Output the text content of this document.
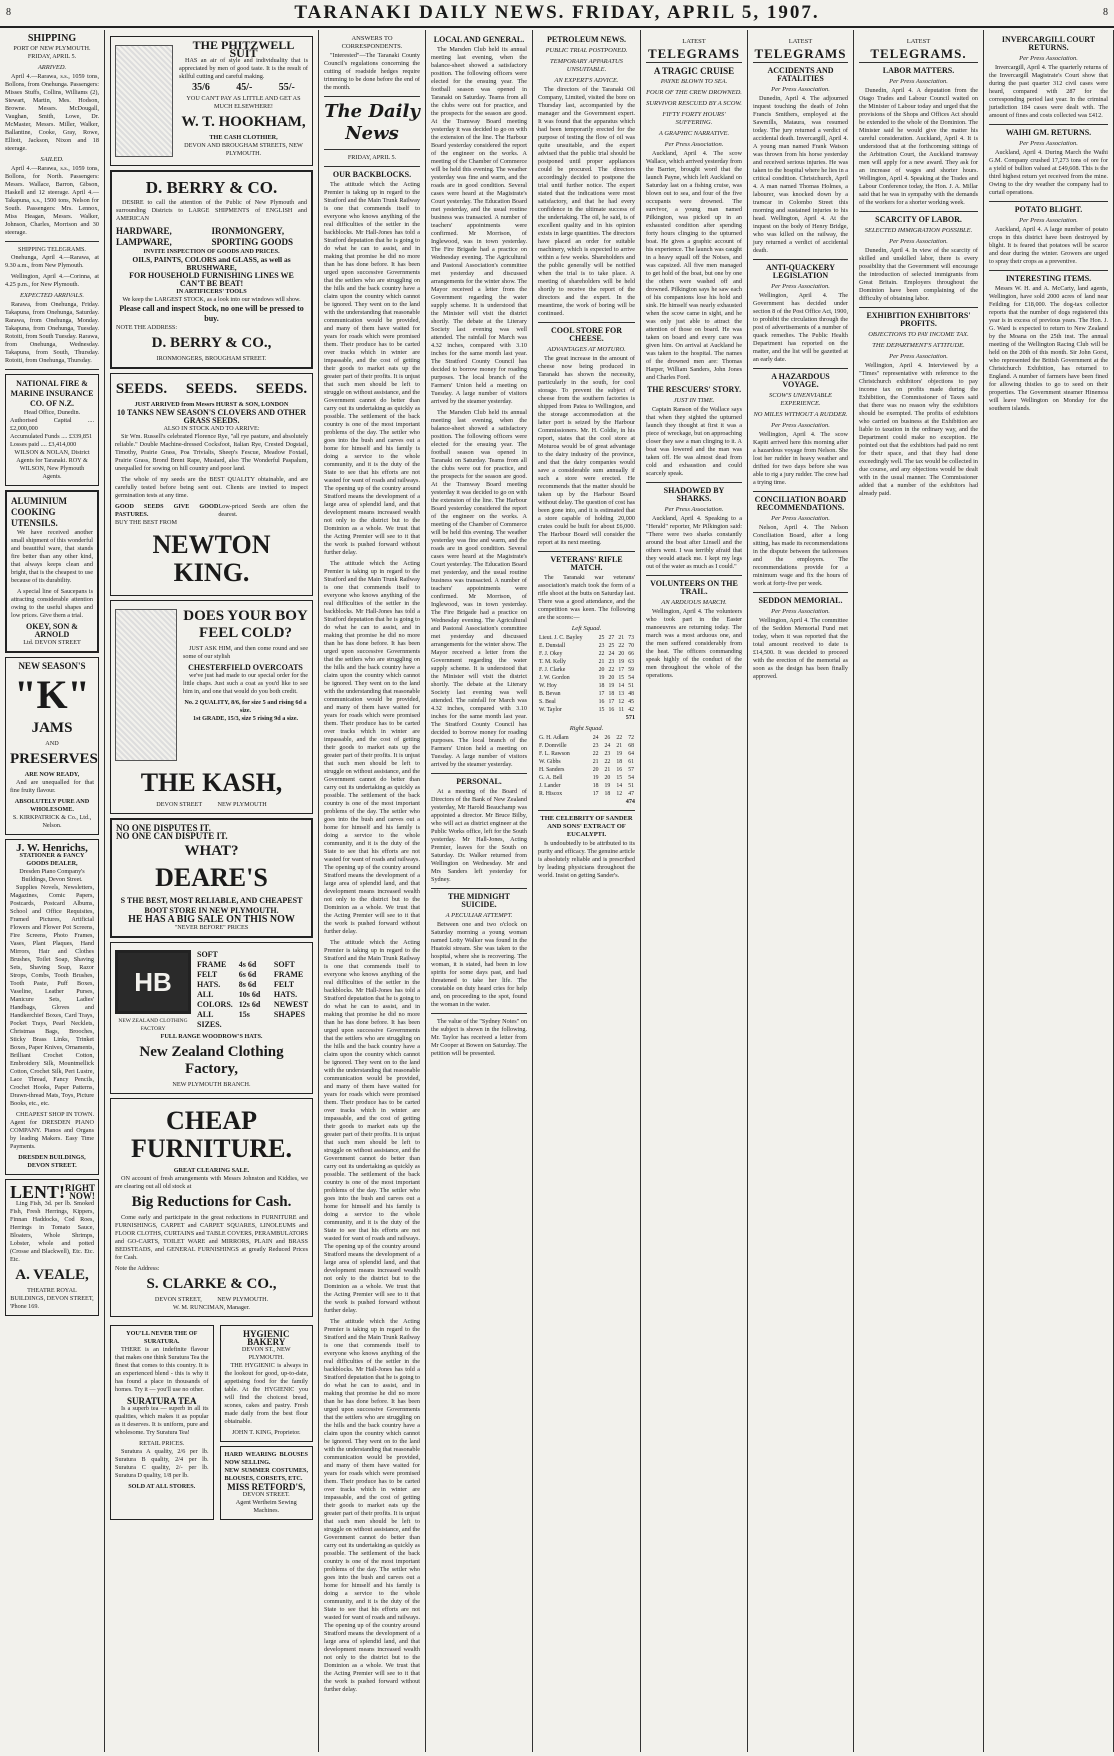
8	TARANAKI DAILY NEWS. FRIDAY, APRIL 5, 1907.	8
SHIPPING
PORT OF NEW PLYMOUTH.
FRIDAY, APRIL 5.
ARRIVED.

April 4.—Rarawa, s.s., 1059 tons, Bollons, from Onehunga. Passengers: Misses Stuffs, Collins, Williams (2), Stewart, Martin, Mes. Hodson, Browne. Messrs. McDougall, Vaughan, Smith, Lowe, Dr. McMaster, Messrs. Miller, Walker, Ballantine, Cooke, Gray, Rowe, Elliott, Jackson, Nixon and 18 steerage.

SAILED.

April 4.—Rarawa, s.s., 1059 tons, Bollons, for North. Passengers: Messrs. Wallace, Barron, Gibson, Haskell and 12 steerage. April 4.—Takapuna, s.s., 1500 tons, Nelson for South. Passengers: Mrs. Lennox, Miss Heagan, Messrs. Walker, Johnson, Charles, Morrison and 30 steerage.

SHIPPING TELEGRAMS.

Onehunga, April 4.—Rarawa, at 9.30 a.m., from New Plymouth.

Wellington, April 4.—Corinna, at 4.25 p.m., for New Plymouth.

EXPECTED ARRIVALS.

Rarawa, from Onehunga, Friday. Takapuna, from Onehunga, Saturday. Rarawa, from Onehunga, Monday. Takapuna, from Onehunga, Tuesday. Rotoiti, from South Tuesday. Rarawa, from Onehunga, Wednesday. Takapuna, from South, Thursday. Rotoiti, from Onehunga, Thursday.

NATIONAL FIRE & MARINE INSURANCE CO. OF N.Z.
Head Office, Dunedin.
Authorised Capital .... £2,000,000
Accumulated Funds .... £339,851
Losses paid .... £3,414,000
WILSON & NOLAN, District Agents for Taranaki. ROY & WILSON, New Plymouth Agents.
ALUMINIUM COOKING UTENSILS.

We have received another small shipment of this wonderful and beautiful ware, that stands fire better than any other kind, that always keeps clean and bright, that is the cheapest to use because of its durability.

A special line of Saucepans is attracting considerable attention owing to the useful shapes and low prices. Give them a trial.

OKEY, SON & ARNOLD
Ltd. DEVON STREET
NEW SEASON'S
"K"
JAMS
AND
PRESERVES
ARE NOW READY,

And are unequalled for that fine fruity flavour.

ABSOLUTELY PURE AND WHOLESOME.
S. KIRKPATRICK & Co., Ltd., Nelson.
J. W. Henrichs,
STATIONER & FANCY GOODS DEALER,
Dresden Piano Company's Buildings, Devon Street.

Supplies Novels, Newsletters, Magazines, Comic Papers, Postcards, Postcard Albums, School and Office Requisites, Framed Pictures, Artificial Flowers and Flower Pot Screens, Fire Screens, Photo Frames, Vases, Plant Plaques, Hand Mirrors, Hair and Clothes Brushes, Toilet Soap, Shaving Sets, Shaving Soap, Razor Strops, Combs, Tooth Brushes, Tooth Paste, Puff Boxes, Vaseline, Leather Purses, Manicure Sets, Ladies' Handbags, Gloves and Handkerchief Boxes, Card Trays, Pocket Trays, Pearl Necklets, Christmas Bags, Brooches, Sticky Brass Links, Trinket Boxes, Paper Knives, Ornaments, Brilliant Crochet Cotton, Embroidery Silk, Mountmellick Cotton, Crochet Silk, Peri Lustre, Lace Thread, Fancy Pencils, Crochet Hooks, Paper Patterns, Drawn-thread Mats, Toys, Picture Books, etc., etc.

CHEAPEST SHOP IN TOWN. Agent for DRESDEN PIANO COMPANY. Pianos and Organs by leading Makers. Easy Time Payments.

DRESDEN BUILDINGS, DEVON STREET.
LENT! RIGHT NOW!

Ling Fish, 3d. per lb. Smoked Fish, Fresh Herrings, Kippers, Finnan Haddocks, Cod Roes, Herrings in Tomato Sauce, Bloaters, Whole Shrimps, Lobster, whole and potted (Crosse and Blackwell), Etc. Etc. Etc.

A. VEALE,
THEATRE ROYAL BUILDINGS, DEVON STREET,
'Phone 169.
THE PHITZWELL SUIT

HAS an air of style and individuality that is appreciated by men of good taste. It is the result of skilful cutting and careful making.

35/6	45/-	55/-
YOU CAN'T PAY AS LITTLE AND GET AS MUCH ELSEWHERE!
W. T. HOOKHAM,
THE CASH CLOTHIER,
DEVON AND BROUGHAM STREETS, NEW PLYMOUTH.
D. BERRY & CO.

DESIRE to call the attention of the Public of New Plymouth and surrounding Districts to LARGE SHIPMENTS of ENGLISH and AMERICAN

HARDWARE,	IRONMONGERY,
LAMPWARE,	SPORTING GOODS
INVITE INSPECTION OF GOODS AND PRICES.
OILS, PAINTS, COLORS and GLASS, as well as BRUSHWARE,
FOR HOUSEHOLD FURNISHING LINES WE CAN'T BE BEAT!
IN ARTIFICERS' TOOLS
We keep the LARGEST STOCK, as a look into our windows will show.
Please call and inspect Stock, no one will be pressed to buy.
NOTE THE ADDRESS:
D. BERRY & CO.,
IRONMONGERS, BROUGHAM STREET.
SEEDS.     SEEDS.     SEEDS.
JUST ARRIVED from Messrs HURST & SON, LONDON
10 TANKS NEW SEASON'S CLOVERS AND OTHER GRASS SEEDS.
ALSO IN STOCK AND TO ARRIVE:

Sir Wm. Russell's celebrated Florence Rye, "all rye pasture, and absolutely reliable." Double Machine-dressed Cocksfoot, Italian Rye, Crested Dogstail, Timothy, Prairie Grass, Poa Trivialis, Sheep's Fescue, Meadow Foxtail, Prairie Grass, Brond Brent Rape, Mustard, also The Wonderful Paspalum, unequalled for sowing on hill country and poor land.

The whole of my seeds are the BEST QUALITY obtainable, and are carefully tested before being sent out. Clients are invited to inspect germination tests at any time.

GOOD SEEDS GIVE GOOD PASTURES.
Low-priced Seeds are often the dearest.
BUY THE BEST FROM
NEWTON KING.
DOES YOUR BOY FEEL COLD?

JUST ASK HIM, and then come round and see some of our stylish

CHESTERFIELD OVERCOATS

we've just had made to our special order for the little chaps. Just such a coat as you'd like to see him in, and one that would do you both credit.

No. 2 QUALITY, 8/6, for size 5 and rising 6d a size.
1st GRADE, 15/3, size 5 rising 9d a size.
THE KASH,
DEVON STREET          NEW PLYMOUTH
NO ONE DISPUTES IT.
NO ONE CAN DISPUTE IT.
WHAT?
DEARE'S
S THE BEST, MOST RELIABLE, AND CHEAPEST BOOT STORE IN NEW PLYMOUTH.
HE HAS A BIG SALE ON THIS NOW
"NEVER BEFORE" PRICES
HB
NEW ZEALAND CLOTHING FACTORY
SOFT FRAME FELT HATS. ALL COLORS. ALL SIZES.
4s 6d
6s 6d
8s 6d
10s 6d
12s 6d
15s
SOFT FRAME FELT HATS. NEWEST SHAPES
FULL RANGE WOODROW'S HATS.
New Zealand Clothing Factory,
NEW PLYMOUTH BRANCH.
CHEAP FURNITURE.
GREAT CLEARING SALE.

ON account of fresh arrangements with Messrs Johnston and Kiddies, we are clearing out all old stock at

Big Reductions for Cash.

Come early and participate in the great reductions in FURNITURE and FURNISHINGS, CARPET and CARPET SQUARES, LINOLEUMS and FLOOR CLOTHS, CURTAINS and TABLE COVERS, PERAMBULATORS and GO-CARTS, TOILET WARE and MIRRORS, PLAIN and BRASS BEDSTEADS, and GENERAL FURNISHINGS at greatly Reduced Prices for Cash.

Note the Address:
S. CLARKE & CO.,
DEVON STREET,          NEW PLYMOUTH.
W. M. RUNCIMAN, Manager.
YOU'LL NEVER THE OF SURATURA.

THERE is an indefinite flavour that makes one think Suratura Tea the finest that comes to this country. It is an experienced blend - this is why it has found a place in thousands of homes. Try it — you'll use no other.

SURATURA TEA

Is a superb tea — superb in all its qualities, which makes it as popular as it deserves. It is uniform, pure and wholesome. Try Suratura Tea!

RETAIL PRICES.

Suratura A quality, 2/6 per lb. Suratura B quality, 2/4 per lb. Suratura C quality, 2/- per lb. Suratura D quality, 1/8 per lb.

SOLD AT ALL STORES.
HYGIENIC BAKERY
DEVON ST., NEW PLYMOUTH.

THE HYGIENIC is always in the lookout for good, up-to-date, appetising food for the family table. At the HYGIENIC you will find the choicest bread, scones, cakes and pastry. Fresh made daily from the best flour obtainable.

JOHN T. KING, Proprietor.
HARD WEARING BLOUSES NOW SELLING.
NEW SUMMER COSTUMES, BLOUSES, CORSETS, ETC.
MISS RETFORD'S,
DEVON STREET.
Agent Wertheim Sewing Machines.
ANSWERS TO CORRESPONDENTS.

"Interested"—The Taranaki County Council's regulations concerning the cutting of roadside hedges require trimming to be done before the end of the month.

The Daily News
FRIDAY, APRIL 5.
OUR BACKBLOCKS.

The attitude which the Acting Premier is taking up in regard to the Stratford and the Main Trunk Railway is one that commends itself to everyone who knows anything of the real difficulties of the settler in the backblocks. Mr Hall-Jones has told a Stratford deputation that he is going to do what he can to assist, and in making that promise he did no more than he has done before. It has been urged upon successive Governments that the settlers who are struggling on the hills and the back country have a claim upon the country which cannot be ignored. They went on to the land with the understanding that reasonable communication would be provided, and many of them have waited for years for roads which were promised them. Their produce has to be carted over tracks which in winter are impassable, and the cost of getting their goods to market eats up the greater part of their profits. It is unjust that such men should be left to struggle on without assistance, and the Government cannot do better than carry out its undertaking as quickly as possible. The settlement of the back country is one of the most important problems of the day. The settler who goes into the bush and carves out a home for himself and his family is doing a service to the whole community, and it is the duty of the State to see that his efforts are not wasted for want of roads and railways. The opening up of the country around Stratford means the development of a large area of splendid land, and that development means increased wealth not only to the district but to the Dominion as a whole. We trust that the Acting Premier will see to it that the work is pushed forward without further delay.

The attitude which the Acting Premier is taking up in regard to the Stratford and the Main Trunk Railway is one that commends itself to everyone who knows anything of the real difficulties of the settler in the backblocks. Mr Hall-Jones has told a Stratford deputation that he is going to do what he can to assist, and in making that promise he did no more than he has done before. It has been urged upon successive Governments that the settlers who are struggling on the hills and the back country have a claim upon the country which cannot be ignored. They went on to the land with the understanding that reasonable communication would be provided, and many of them have waited for years for roads which were promised them. Their produce has to be carted over tracks which in winter are impassable, and the cost of getting their goods to market eats up the greater part of their profits. It is unjust that such men should be left to struggle on without assistance, and the Government cannot do better than carry out its undertaking as quickly as possible. The settlement of the back country is one of the most important problems of the day. The settler who goes into the bush and carves out a home for himself and his family is doing a service to the whole community, and it is the duty of the State to see that his efforts are not wasted for want of roads and railways. The opening up of the country around Stratford means the development of a large area of splendid land, and that development means increased wealth not only to the district but to the Dominion as a whole. We trust that the Acting Premier will see to it that the work is pushed forward without further delay.

The attitude which the Acting Premier is taking up in regard to the Stratford and the Main Trunk Railway is one that commends itself to everyone who knows anything of the real difficulties of the settler in the backblocks. Mr Hall-Jones has told a Stratford deputation that he is going to do what he can to assist, and in making that promise he did no more than he has done before. It has been urged upon successive Governments that the settlers who are struggling on the hills and the back country have a claim upon the country which cannot be ignored. They went on to the land with the understanding that reasonable communication would be provided, and many of them have waited for years for roads which were promised them. Their produce has to be carted over tracks which in winter are impassable, and the cost of getting their goods to market eats up the greater part of their profits. It is unjust that such men should be left to struggle on without assistance, and the Government cannot do better than carry out its undertaking as quickly as possible. The settlement of the back country is one of the most important problems of the day. The settler who goes into the bush and carves out a home for himself and his family is doing a service to the whole community, and it is the duty of the State to see that his efforts are not wasted for want of roads and railways. The opening up of the country around Stratford means the development of a large area of splendid land, and that development means increased wealth not only to the district but to the Dominion as a whole. We trust that the Acting Premier will see to it that the work is pushed forward without further delay.

The attitude which the Acting Premier is taking up in regard to the Stratford and the Main Trunk Railway is one that commends itself to everyone who knows anything of the real difficulties of the settler in the backblocks. Mr Hall-Jones has told a Stratford deputation that he is going to do what he can to assist, and in making that promise he did no more than he has done before. It has been urged upon successive Governments that the settlers who are struggling on the hills and the back country have a claim upon the country which cannot be ignored. They went on to the land with the understanding that reasonable communication would be provided, and many of them have waited for years for roads which were promised them. Their produce has to be carted over tracks which in winter are impassable, and the cost of getting their goods to market eats up the greater part of their profits. It is unjust that such men should be left to struggle on without assistance, and the Government cannot do better than carry out its undertaking as quickly as possible. The settlement of the back country is one of the most important problems of the day. The settler who goes into the bush and carves out a home for himself and his family is doing a service to the whole community, and it is the duty of the State to see that his efforts are not wasted for want of roads and railways. The opening up of the country around Stratford means the development of a large area of splendid land, and that development means increased wealth not only to the district but to the Dominion as a whole. We trust that the Acting Premier will see to it that the work is pushed forward without further delay.

LOCAL AND GENERAL.

The Marsden Club held its annual meeting last evening, when the balance-sheet showed a satisfactory position. The following officers were elected for the ensuing year. The football season was opened in Taranaki on Saturday. Teams from all the clubs were out for practice, and the prospects for the season are good. At the Tramway Board meeting yesterday it was decided to go on with the extension of the line. The Harbour Board yesterday considered the report of the engineer on the works. A meeting of the Chamber of Commerce will be held this evening. The weather yesterday was fine and warm, and the roads are in good condition. Several cases were heard at the Magistrate's Court yesterday. The Education Board met yesterday, and the usual routine business was transacted. A number of teachers' appointments were confirmed. Mr Morrison, of Inglewood, was in town yesterday. The Fire Brigade had a practice on Wednesday evening. The Agricultural and Pastoral Association's committee met yesterday and discussed arrangements for the winter show. The Mayor received a letter from the Government regarding the water supply scheme. It is understood that the Minister will visit the district shortly. The debate at the Literary Society last evening was well attended. The rainfall for March was 4.32 inches, compared with 3.10 inches for the same month last year. The Stratford County Council has decided to borrow money for roading purposes. The local branch of the Farmers' Union held a meeting on Tuesday. A large number of visitors arrived by the steamer yesterday.

The Marsden Club held its annual meeting last evening, when the balance-sheet showed a satisfactory position. The following officers were elected for the ensuing year. The football season was opened in Taranaki on Saturday. Teams from all the clubs were out for practice, and the prospects for the season are good. At the Tramway Board meeting yesterday it was decided to go on with the extension of the line. The Harbour Board yesterday considered the report of the engineer on the works. A meeting of the Chamber of Commerce will be held this evening. The weather yesterday was fine and warm, and the roads are in good condition. Several cases were heard at the Magistrate's Court yesterday. The Education Board met yesterday, and the usual routine business was transacted. A number of teachers' appointments were confirmed. Mr Morrison, of Inglewood, was in town yesterday. The Fire Brigade had a practice on Wednesday evening. The Agricultural and Pastoral Association's committee met yesterday and discussed arrangements for the winter show. The Mayor received a letter from the Government regarding the water supply scheme. It is understood that the Minister will visit the district shortly. The debate at the Literary Society last evening was well attended. The rainfall for March was 4.32 inches, compared with 3.10 inches for the same month last year. The Stratford County Council has decided to borrow money for roading purposes. The local branch of the Farmers' Union held a meeting on Tuesday. A large number of visitors arrived by the steamer yesterday.

PERSONAL.

At a meeting of the Board of Directors of the Bank of New Zealand yesterday, Mr Harold Beauchamp was appointed a director. Mr Bruce Bilby, who will act as district engineer at the Public Works office, left for the South yesterday. Mr Hall-Jones, Acting Premier, leaves for the South on Saturday. Dr. Walker returned from Wellington on Wednesday. Mr and Mrs Sanders left yesterday for Sydney.

THE MIDNIGHT SUICIDE.
A PECULIAR ATTEMPT.

Between one and two o'clock on Saturday morning a young woman named Lotty Walker was found in the Huatoki stream. She was taken to the hospital, where she is recovering. The woman, it is stated, had been in low spirits for some days past, and had threatened to take her life. The constable on duty heard cries for help and, on proceeding to the spot, found the woman in the water.

The value of the "Sydney Notes" on the subject is shown in the following. Mr. Taylor has received a letter from Mr Cooper at Bowen on Saturday. The petition will be presented.

PETROLEUM NEWS.
PUBLIC TRIAL POSTPONED.
TEMPORARY APPARATUS UNSUITABLE.
AN EXPERT'S ADVICE.

The directors of the Taranaki Oil Company, Limited, visited the bore on Thursday last, accompanied by the manager and the Government expert. It was found that the apparatus which had been temporarily erected for the purpose of testing the flow of oil was quite unsuitable, and the expert advised that the public trial should be postponed until proper appliances could be procured. The directors accordingly decided to postpone the trial until further notice. The expert stated that the indications were most satisfactory, and that he had every confidence in the ultimate success of the undertaking. The oil, he said, is of excellent quality and in his opinion exists in large quantities. The directors have placed an order for suitable machinery, which is expected to arrive within a few weeks. Shareholders and the public generally will be notified when the trial is to take place. A meeting of shareholders will be held shortly to receive the report of the directors and the expert. In the meantime, the work of boring will be continued.

COOL STORE FOR CHEESE.
ADVANTAGES AT MOTURO.

The great increase in the amount of cheese now being produced in Taranaki has shown the necessity, particularly in the south, for cool storage. To prevent the subject of cheese from the southern factories is shipped from Patea to Wellington, and the storage accommodation at the latter port is seized by the Harbour Commissioners. Mr. H. Coldie, in his report, states that the cool store at Moturoa would be of great advantage to the dairy industry of the province, and that the dairy companies would save a considerable sum annually if such a store were erected. He recommends that the matter should be taken up by the Harbour Board without delay. The question of cost has been gone into, and it is estimated that a store capable of holding 20,000 crates could be built for about £6,000. The Harbour Board will consider the report at its next meeting.

VETERANS' RIFLE MATCH.

The Taranaki war veterans' association's match took the form of a rifle shoot at the butts on Saturday last. There was a good attendance, and the competition was keen. The following are the scores:—

Left Squad.
Lieut. J. C. Bayley	25	27	21	73
E. Dunstall	23	25	22	70
F. J. Okey	22	24	20	66
T. M. Kelly	21	23	19	63
F. J. Clarke	20	22	17	59
J. W. Gordon	19	20	15	54
W. Hoy	18	19	14	51
B. Bevan	17	18	13	48
S. Beal	16	17	12	45
W. Taylor	15	16	11	42
571
Right Squad.
G. H. Adlam	24	26	22	72
F. Domville	23	24	21	68
F. L. Rawson	22	23	19	64
W. Gibbs	21	22	18	61
H. Sanders	20	21	16	57
G. A. Bell	19	20	15	54
J. Lander	18	19	14	51
R. Hiscox	17	18	12	47
474
THE CELEBRITY OF SANDER AND SONS' EXTRACT OF EUCALYPTI.

Is undoubtedly to be attributed to its purity and efficacy. The genuine article is absolutely reliable and is prescribed by leading physicians throughout the world. Insist on getting Sander's.

LATEST
TELEGRAMS
A TRAGIC CRUISE
PAYNE BLOWN TO SEA.
FOUR OF THE CREW DROWNED.
SURVIVOR RESCUED BY A SCOW.
FIFTY FORTY HOURS' SUFFERING.
A GRAPHIC NARRATIVE.
Per Press Association.

Auckland, April 4. The scow Wallace, which arrived yesterday from the Barrier, brought word that the launch Payne, which left Auckland on Saturday last on a fishing cruise, was blown out to sea, and four of the five occupants were drowned. The survivor, a young man named Pilkington, was picked up in an exhausted condition after spending forty hours clinging to the upturned boat. He gives a graphic account of his experience. The launch was caught in a heavy squall off the Noises, and was capsized. All five men managed to get hold of the boat, but one by one the others were washed off and drowned. Pilkington says he saw each of his companions lose his hold and sink. He himself was nearly exhausted when the scow came in sight, and he was only just able to attract the attention of those on board. He was taken on board and every care was given him. On arrival at Auckland he was taken to the hospital. The names of the drowned men are: Thomas Harper, William Sanders, John Jones and Charles Ford.

THE RESCUERS' STORY.
JUST IN TIME.

Captain Ranson of the Wallace says that when they sighted the upturned launch they thought at first it was a piece of wreckage, but on approaching closer they saw a man clinging to it. A boat was lowered and the man was taken off. He was almost dead from cold and exhaustion and could scarcely speak.

SHADOWED BY SHARKS.
Per Press Association.

Auckland, April 4. Speaking to a "Herald" reporter, Mr Pilkington said: "There were two sharks constantly around the boat after Linsell and the others went. I was terribly afraid that they would attack me. I kept my legs out of the water as much as I could."

VOLUNTEERS ON THE TRAIL.
AN ARDUOUS MARCH.

Wellington, April 4. The volunteers who took part in the Easter manoeuvres are returning today. The march was a most arduous one, and the men suffered considerably from the heat. The officers commanding speak highly of the conduct of the men throughout the whole of the operations.

LATEST
TELEGRAMS
ACCIDENTS AND FATALITIES
Per Press Association.

Dunedin, April 4. The adjourned inquest touching the death of John Francis Smithers, employed at the Sawmills, Mataura, was resumed today. The jury returned a verdict of accidental death. Invercargill, April 4. A young man named Frank Watson was thrown from his horse yesterday and received serious injuries. He was taken to the hospital where he lies in a critical condition. Christchurch, April 4. A man named Thomas Holmes, a labourer, was knocked down by a tramcar in Colombo Street this morning and sustained injuries to his head. Wellington, April 4. At the inquest on the body of Henry Bridge, who was killed on the railway, the jury returned a verdict of accidental death.

ANTI-QUACKERY LEGISLATION
Per Press Association.

Wellington, April 4. The Government has decided under section 8 of the Post Office Act, 1900, to prohibit the circulation through the post of advertisements of a number of quack remedies. The Public Health Department has reported on the matter, and the list will be gazetted at an early date.

A HAZARDOUS VOYAGE.
SCOW'S UNENVIABLE EXPERIENCE.
NO MILES WITHOUT A RUDDER.
Per Press Association.

Wellington, April 4. The scow Kapiti arrived here this morning after a hazardous voyage from Nelson. She lost her rudder in heavy weather and drifted for two days before she was able to rig a jury rudder. The crew had a trying time.

CONCILIATION BOARD RECOMMENDATIONS.
Per Press Association.

Nelson, April 4. The Nelson Conciliation Board, after a long sitting, has made its recommendations in the dispute between the tailoresses and the employers. The recommendations provide for a minimum wage and fix the hours of work at forty-five per week.

SEDDON MEMORIAL.
Per Press Association.

Wellington, April 4. The committee of the Seddon Memorial Fund met today, when it was reported that the total amount received to date is £14,500. It was decided to proceed with the erection of the memorial as soon as the design has been finally approved.

LATEST
TELEGRAMS.
LABOR MATTERS.
Per Press Association.

Dunedin, April 4. A deputation from the Otago Trades and Labour Council waited on the Minister of Labour today and urged that the provisions of the Shops and Offices Act should be extended to the whole of the Dominion. The Minister said he would give the matter his careful consideration. Auckland, April 4. It is understood that at the forthcoming sittings of the Arbitration Court, the Auckland tramway men will apply for a new award. They ask for an increase of wages and shorter hours. Wellington, April 4. Speaking at the Trades and Labour Conference today, the Hon. J. A. Millar said that he was in sympathy with the demands of the workers for a shorter working week.

SCARCITY OF LABOR.
SELECTED IMMIGRATION POSSIBLE.
Per Press Association.

Dunedin, April 4. In view of the scarcity of skilled and unskilled labor, there is every possibility that the Government will encourage the introduction of selected immigrants from Great Britain. Employers throughout the Dominion have been complaining of the difficulty of obtaining labor.

EXHIBITION EXHIBITORS' PROFITS.
OBJECTIONS TO PAY INCOME TAX.
THE DEPARTMENT'S ATTITUDE.
Per Press Association.

Wellington, April 4. Interviewed by a "Times" representative with reference to the Christchurch exhibitors' objections to pay income tax on profits made during the Exhibition, the Commissioner of Taxes said that there was no reason why the exhibitors should be exempted. The profits of exhibitors who carried on business at the Exhibition are liable to taxation in the ordinary way, and the Department could make no exception. He pointed out that the exhibitors had paid no rent for their space, and that they had done exceedingly well. The tax would be collected in due course, and any objections would be dealt with in the usual manner. The Commissioner added that a number of the exhibitors had already paid.

INVERCARGILL COURT RETURNS.
Per Press Association.

Invercargill, April 4. The quarterly returns of the Invercargill Magistrate's Court show that during the past quarter 312 civil cases were heard, compared with 287 for the corresponding period last year. In the criminal jurisdiction 184 cases were dealt with. The amount of fines and costs collected was £412.

WAIHI GM. RETURNS.
Per Press Association.

Auckland, April 4. During March the Waihi G.M. Company crushed 17,273 tons of ore for a yield of bullion valued at £49,608. This is the third highest return yet received from the mine. Owing to the dry weather the company had to curtail operations.

POTATO BLIGHT.
Per Press Association.

Auckland, April 4. A large number of potato crops in this district have been destroyed by blight. It is feared that potatoes will be scarce and dear during the winter. Growers are urged to spray their crops as a preventive.

INTERESTING ITEMS.

Messrs W. H. and A. McCarty, land agents, Wellington, have sold 2000 acres of land near Feilding for £18,000. The dog-tax collector reports that the number of dogs registered this year is in excess of previous years. The Hon. J. G. Ward is expected to return to New Zealand by the Moana on the 25th inst. The annual meeting of the Wellington Racing Club will be held on the 20th of this month. Sir John Gorst, who represented the British Government at the Christchurch Exhibition, has returned to England. A number of farmers have been fined for allowing thistles to go to seed on their properties. The Government steamer Hinemoa will leave Wellington on Monday for the southern islands.
